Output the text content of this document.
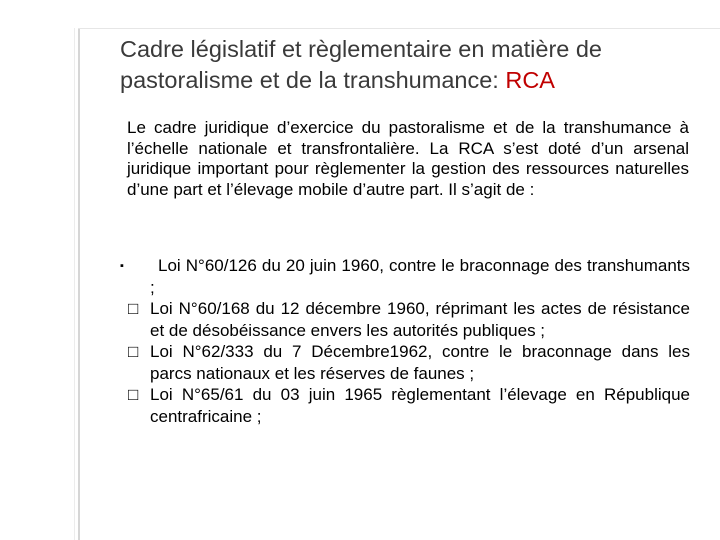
Cadre législatif et règlementaire en matière de pastoralisme et de la transhumance: RCA
Le cadre juridique d’exercice du pastoralisme et de la transhumance à l’échelle nationale et transfrontalière. La RCA s’est doté d’un arsenal juridique important pour règlementer la gestion des ressources naturelles d’une part et l’élevage mobile d’autre part. Il s’agit de :
▪	Loi N°60/126 du 20 juin 1960, contre le braconnage des transhumants ;
□ Loi N°60/168 du 12 décembre 1960, réprimant les actes de résistance et de désobéissance envers les autorités publiques ;
□ Loi N°62/333 du 7 Décembre1962, contre le braconnage dans les parcs nationaux et les réserves de faunes ;
□ Loi N°65/61 du 03 juin 1965 règlementant l’élevage en République centrafricaine ;
